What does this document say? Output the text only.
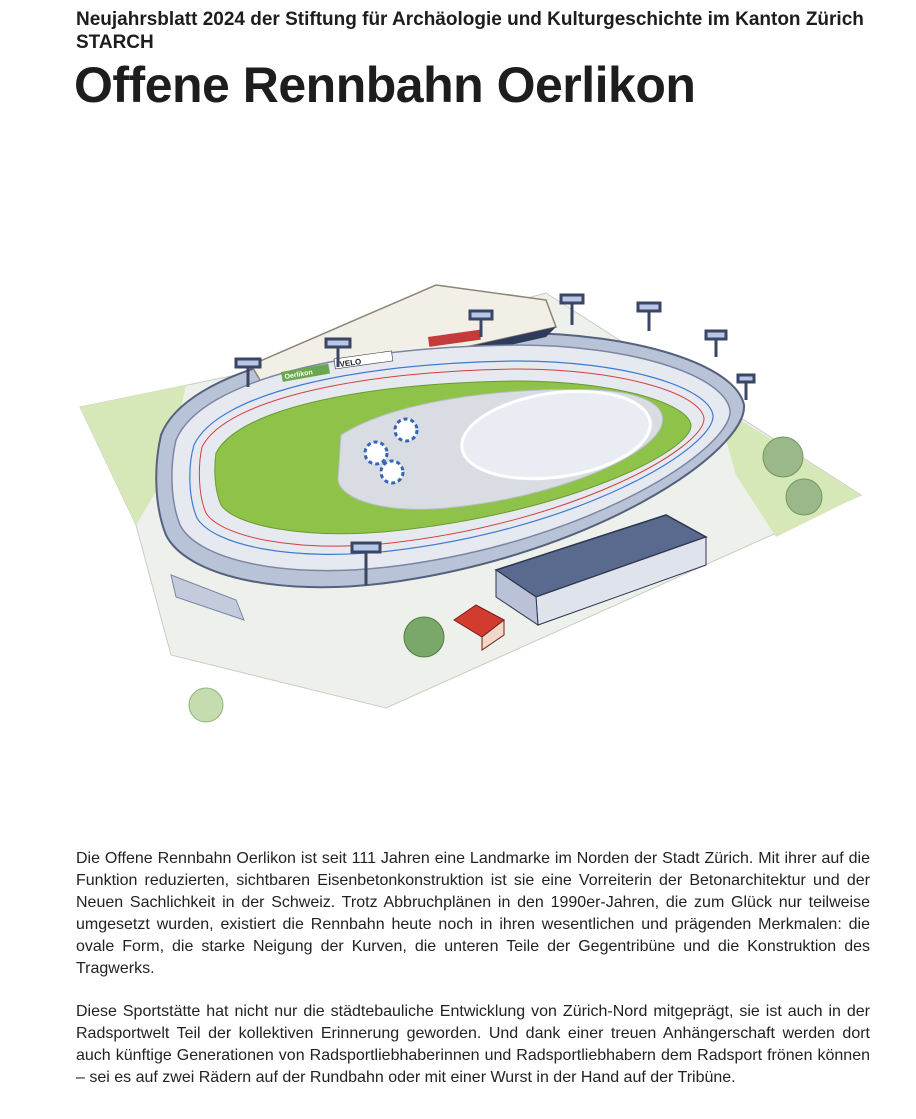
Neujahrsblatt 2024 der Stiftung für Archäologie und Kulturgeschichte im Kanton Zürich STARCH

Offene Rennbahn Oerlikon
VELO
Oerlikon

Die Offene Rennbahn Oerlikon ist seit 111 Jahren eine Landmarke im Norden der Stadt Zürich. Mit ihrer auf die Funktion reduzierten, sichtbaren Eisenbetonkonstruktion ist sie eine Vorreiterin der Betonarchitektur und der Neuen Sachlichkeit in der Schweiz. Trotz Abbruchplänen in den 1990er-Jahren, die zum Glück nur teilweise umgesetzt wurden, existiert die Rennbahn heute noch in ihren wesentlichen und prägenden Merkmalen: die ovale Form, die starke Neigung der Kurven, die unteren Teile der Gegentribüne und die Konstruktion des Tragwerks.

Diese Sportstätte hat nicht nur die städtebauliche Entwicklung von Zürich-Nord mitgeprägt, sie ist auch in der Radsportwelt Teil der kollektiven Erinnerung geworden. Und dank einer treuen Anhängerschaft werden dort auch künftige Generationen von Radsportliebhaberinnen und Radsportliebhabern dem Radsport frönen können – sei es auf zwei Rädern auf der Rundbahn oder mit einer Wurst in der Hand auf der Tribüne.
